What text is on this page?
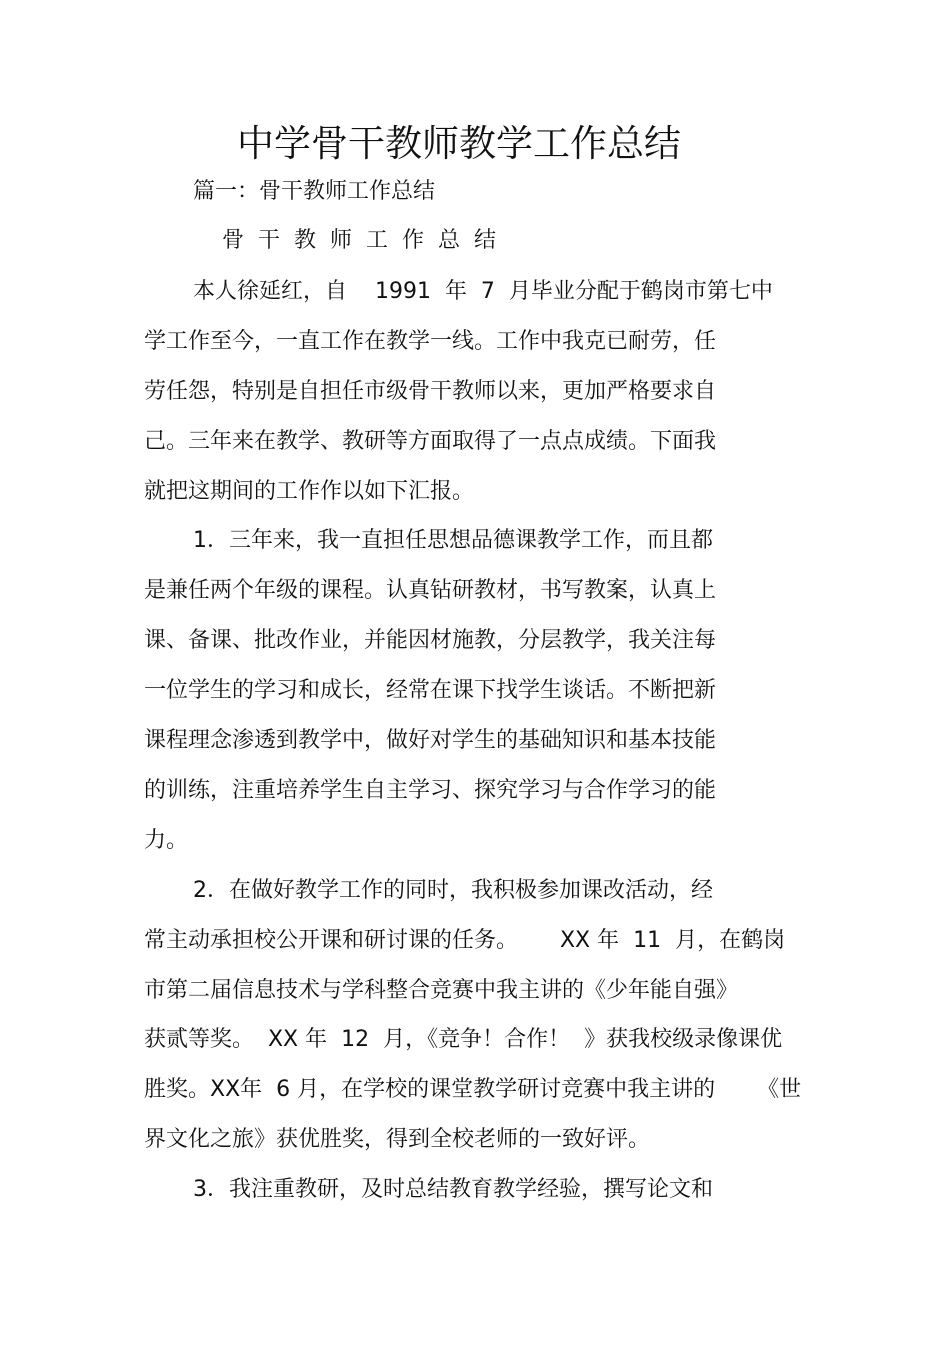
中学骨干教师教学工作总结
篇一：骨干教师工作总结
骨干教师工作总结
本人徐延红，自    1991  年  7  月毕业分配于鹤岗市第七中
学工作至今，一直工作在教学一线。工作中我克已耐劳，任
劳任怨，特别是自担任市级骨干教师以来，更加严格要求自
己。三年来在教学、教研等方面取得了一点点成绩。下面我
就把这期间的工作作以如下汇报。
1．三年来，我一直担任思想品德课教学工作，而且都
是兼任两个年级的课程。认真钻研教材，书写教案，认真上
课、备课、批改作业，并能因材施教，分层教学，我关注每
一位学生的学习和成长，经常在课下找学生谈话。不断把新
课程理念渗透到教学中，做好对学生的基础知识和基本技能
的训练，注重培养学生自主学习、探究学习与合作学习的能
力。
2．在做好教学工作的同时，我积极参加课改活动，经
常主动承担校公开课和研讨课的任务。      XX 年  11  月，在鹤岗
市第二届信息技术与学科整合竞赛中我主讲的《少年能自强》
获贰等奖。  XX 年  12  月，《竞争！合作！  》获我校级录像课优
胜奖。XX年  6 月，在学校的课堂教学研讨竞赛中我主讲的      《世
界文化之旅》获优胜奖，得到全校老师的一致好评。
3．我注重教研，及时总结教育教学经验，撰写论文和
